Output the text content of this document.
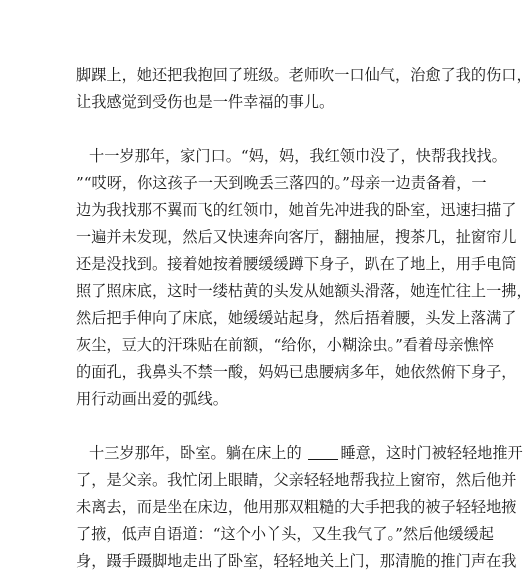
脚踝上，她还把我抱回了班级。老师吹一口仙气，治愈了我的伤口，
让我感觉到受伤也是一件幸福的事儿。
十一岁那年，家门口。“妈，妈，我红领巾没了，快帮我找找。
”“哎呀，你这孩子一天到晚丢三落四的。”母亲一边责备着，一
边为我找那不翼而飞的红领巾，她首先冲进我的卧室，迅速扫描了
一遍并未发现，然后又快速奔向客厅，翻抽屉，搜茶几，扯窗帘儿
还是没找到。接着她按着腰缓缓蹲下身子，趴在了地上，用手电筒
照了照床底，这时一缕枯黄的头发从她额头滑落，她连忙往上一拂，
然后把手伸向了床底，她缓缓站起身，然后捂着腰，头发上落满了
灰尘，豆大的汗珠贴在前额，“给你，小糊涂虫。”看着母亲憔悴
的面孔，我鼻头不禁一酸，妈妈已患腰病多年，她依然俯下身子，
用行动画出爱的弧线。
十三岁那年，卧室。躺在床上的 睡意，这时门被轻轻地推开
了，是父亲。我忙闭上眼睛，父亲轻轻地帮我拉上窗帘，然后他并
未离去，而是坐在床边，他用那双粗糙的大手把我的被子轻轻地掖
了掖，低声自语道：“这个小丫头，又生我气了。”然后他缓缓起
身，蹑手蹑脚地走出了卧室，轻轻地关上门，那清脆的推门声在我
